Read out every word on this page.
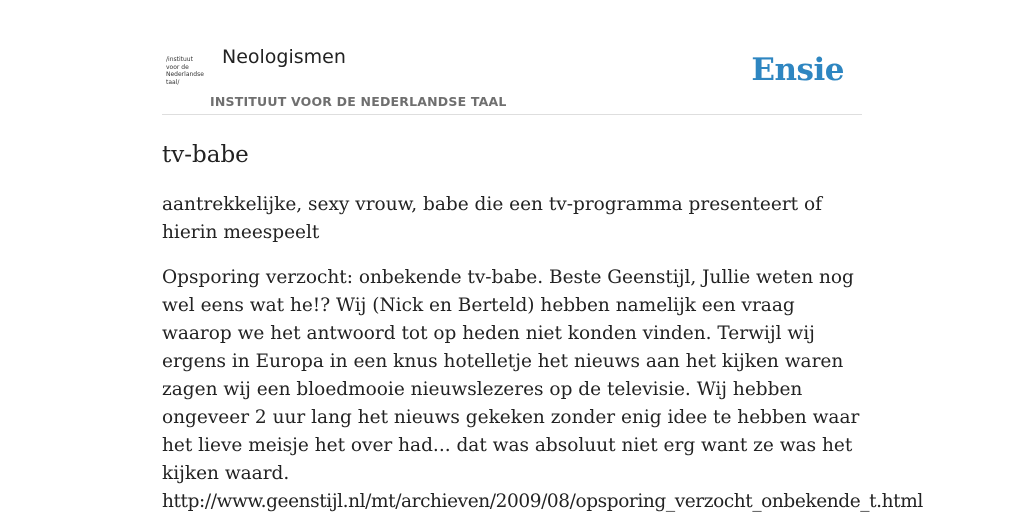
/instituut
voor de
Nederlandse
taal/
Neologismen
INSTITUUT VOOR DE NEDERLANDSE TAAL
Ensie
tv-babe

aantrekkelijke, sexy vrouw, babe die een tv-programma presenteert of hierin meespeelt

Opsporing verzocht: onbekende tv-babe. Beste Geenstijl, Jullie weten nog wel eens wat he!? Wij (Nick en Berteld) hebben namelijk een vraag waarop we het antwoord tot op heden niet konden vinden. Terwijl wij ergens in Europa in een knus hotelletje het nieuws aan het kijken waren zagen wij een bloedmooie nieuwslezeres op de televisie. Wij hebben ongeveer 2 uur lang het nieuws gekeken zonder enig idee te hebben waar het lieve meisje het over had... dat was absoluut niet erg want ze was het kijken waard.
http://www.geenstijl.nl/mt/archieven/2009/08/opsporing_verzocht_onbekende_t.html
